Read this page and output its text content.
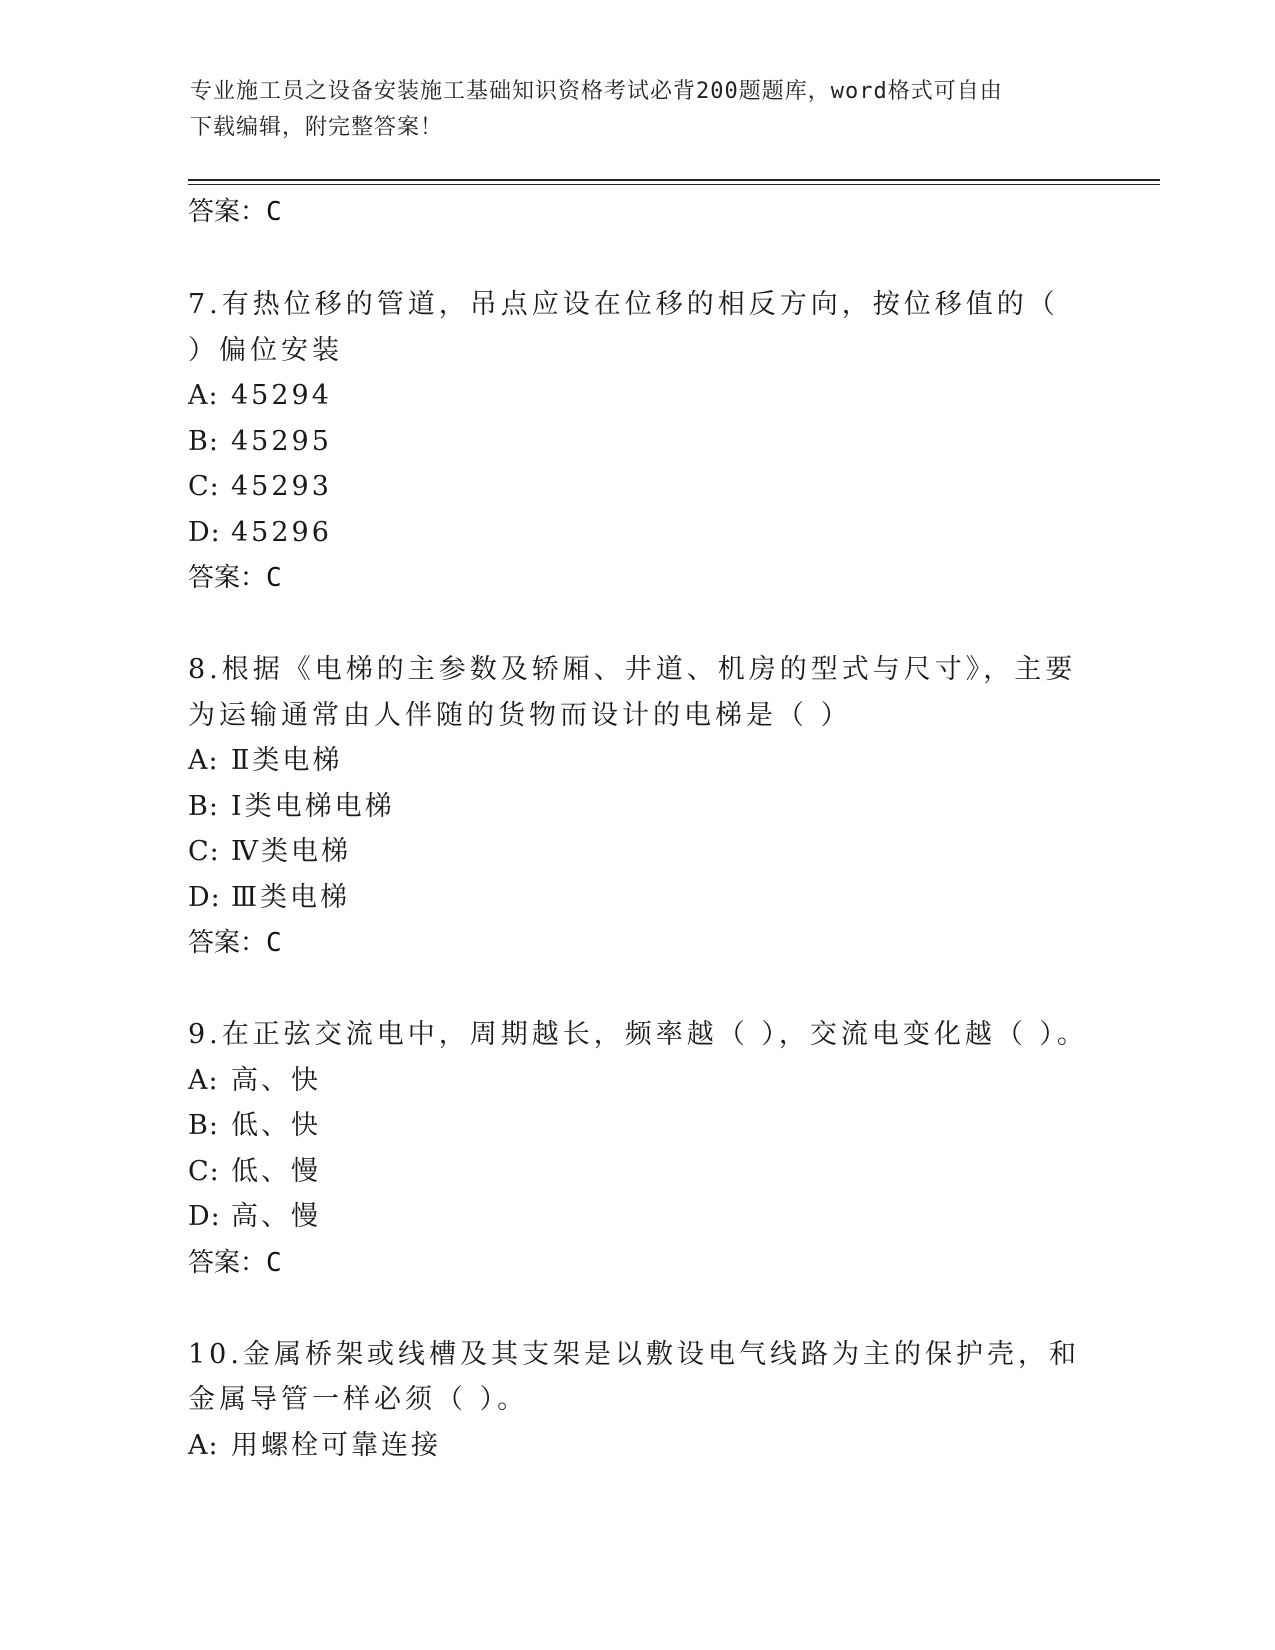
专业施工员之设备安装施工基础知识资格考试必背200题题库，word格式可自由
下载编辑，附完整答案！
答案：C
7.有热位移的管道，吊点应设在位移的相反方向，按位移值的（ ）偏位安装
A: 45294
B: 45295
C: 45293
D: 45296
答案：C
8.根据《电梯的主参数及轿厢、井道、机房的型式与尺寸》，主要为运输通常由人伴随的货物而设计的电梯是（ ）
A: Ⅱ类电梯
B: Ⅰ类电梯电梯
C: Ⅳ类电梯
D: Ⅲ类电梯
答案：C
9.在正弦交流电中，周期越长，频率越（ ），交流电变化越（ ）。
A: 高、快
B: 低、快
C: 低、慢
D: 高、慢
答案：C
10.金属桥架或线槽及其支架是以敷设电气线路为主的保护壳，和金属导管一样必须（ ）。
A: 用螺栓可靠连接
